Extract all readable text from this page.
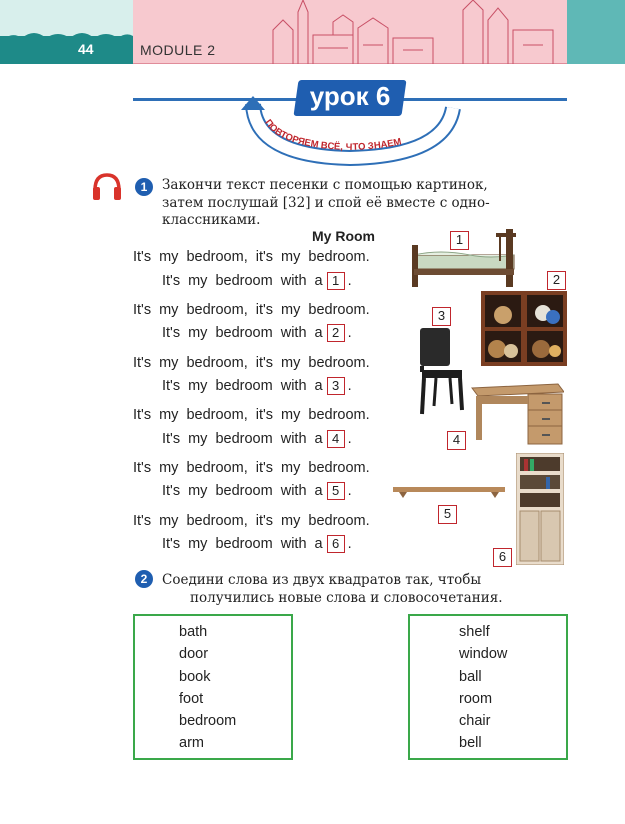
44	MODULE 2
ПОВТОРЯЕМ ВСЁ, ЧТО ЗНАЕМ
урок 6
1	Закончи текст песенки с помощью картинок,
затем послушай [32] и спой её вместе с одно-
классниками.
My Room
It's my bedroom, it's my bedroom.
It's my bedroom with a 1 .
It's my bedroom, it's my bedroom.
It's my bedroom with a 2 .
It's my bedroom, it's my bedroom.
It's my bedroom with a 3 .
It's my bedroom, it's my bedroom.
It's my bedroom with a 4 .
It's my bedroom, it's my bedroom.
It's my bedroom with a 5 .
It's my bedroom, it's my bedroom.
It's my bedroom with a 6 .
1
2
3
4
5
6
2	Соедини слова из двух квадратов так, чтобы
получились новые слова и словосочетания.
bath
door
book
foot
bedroom
arm
shelf
window
ball
room
chair
bell
